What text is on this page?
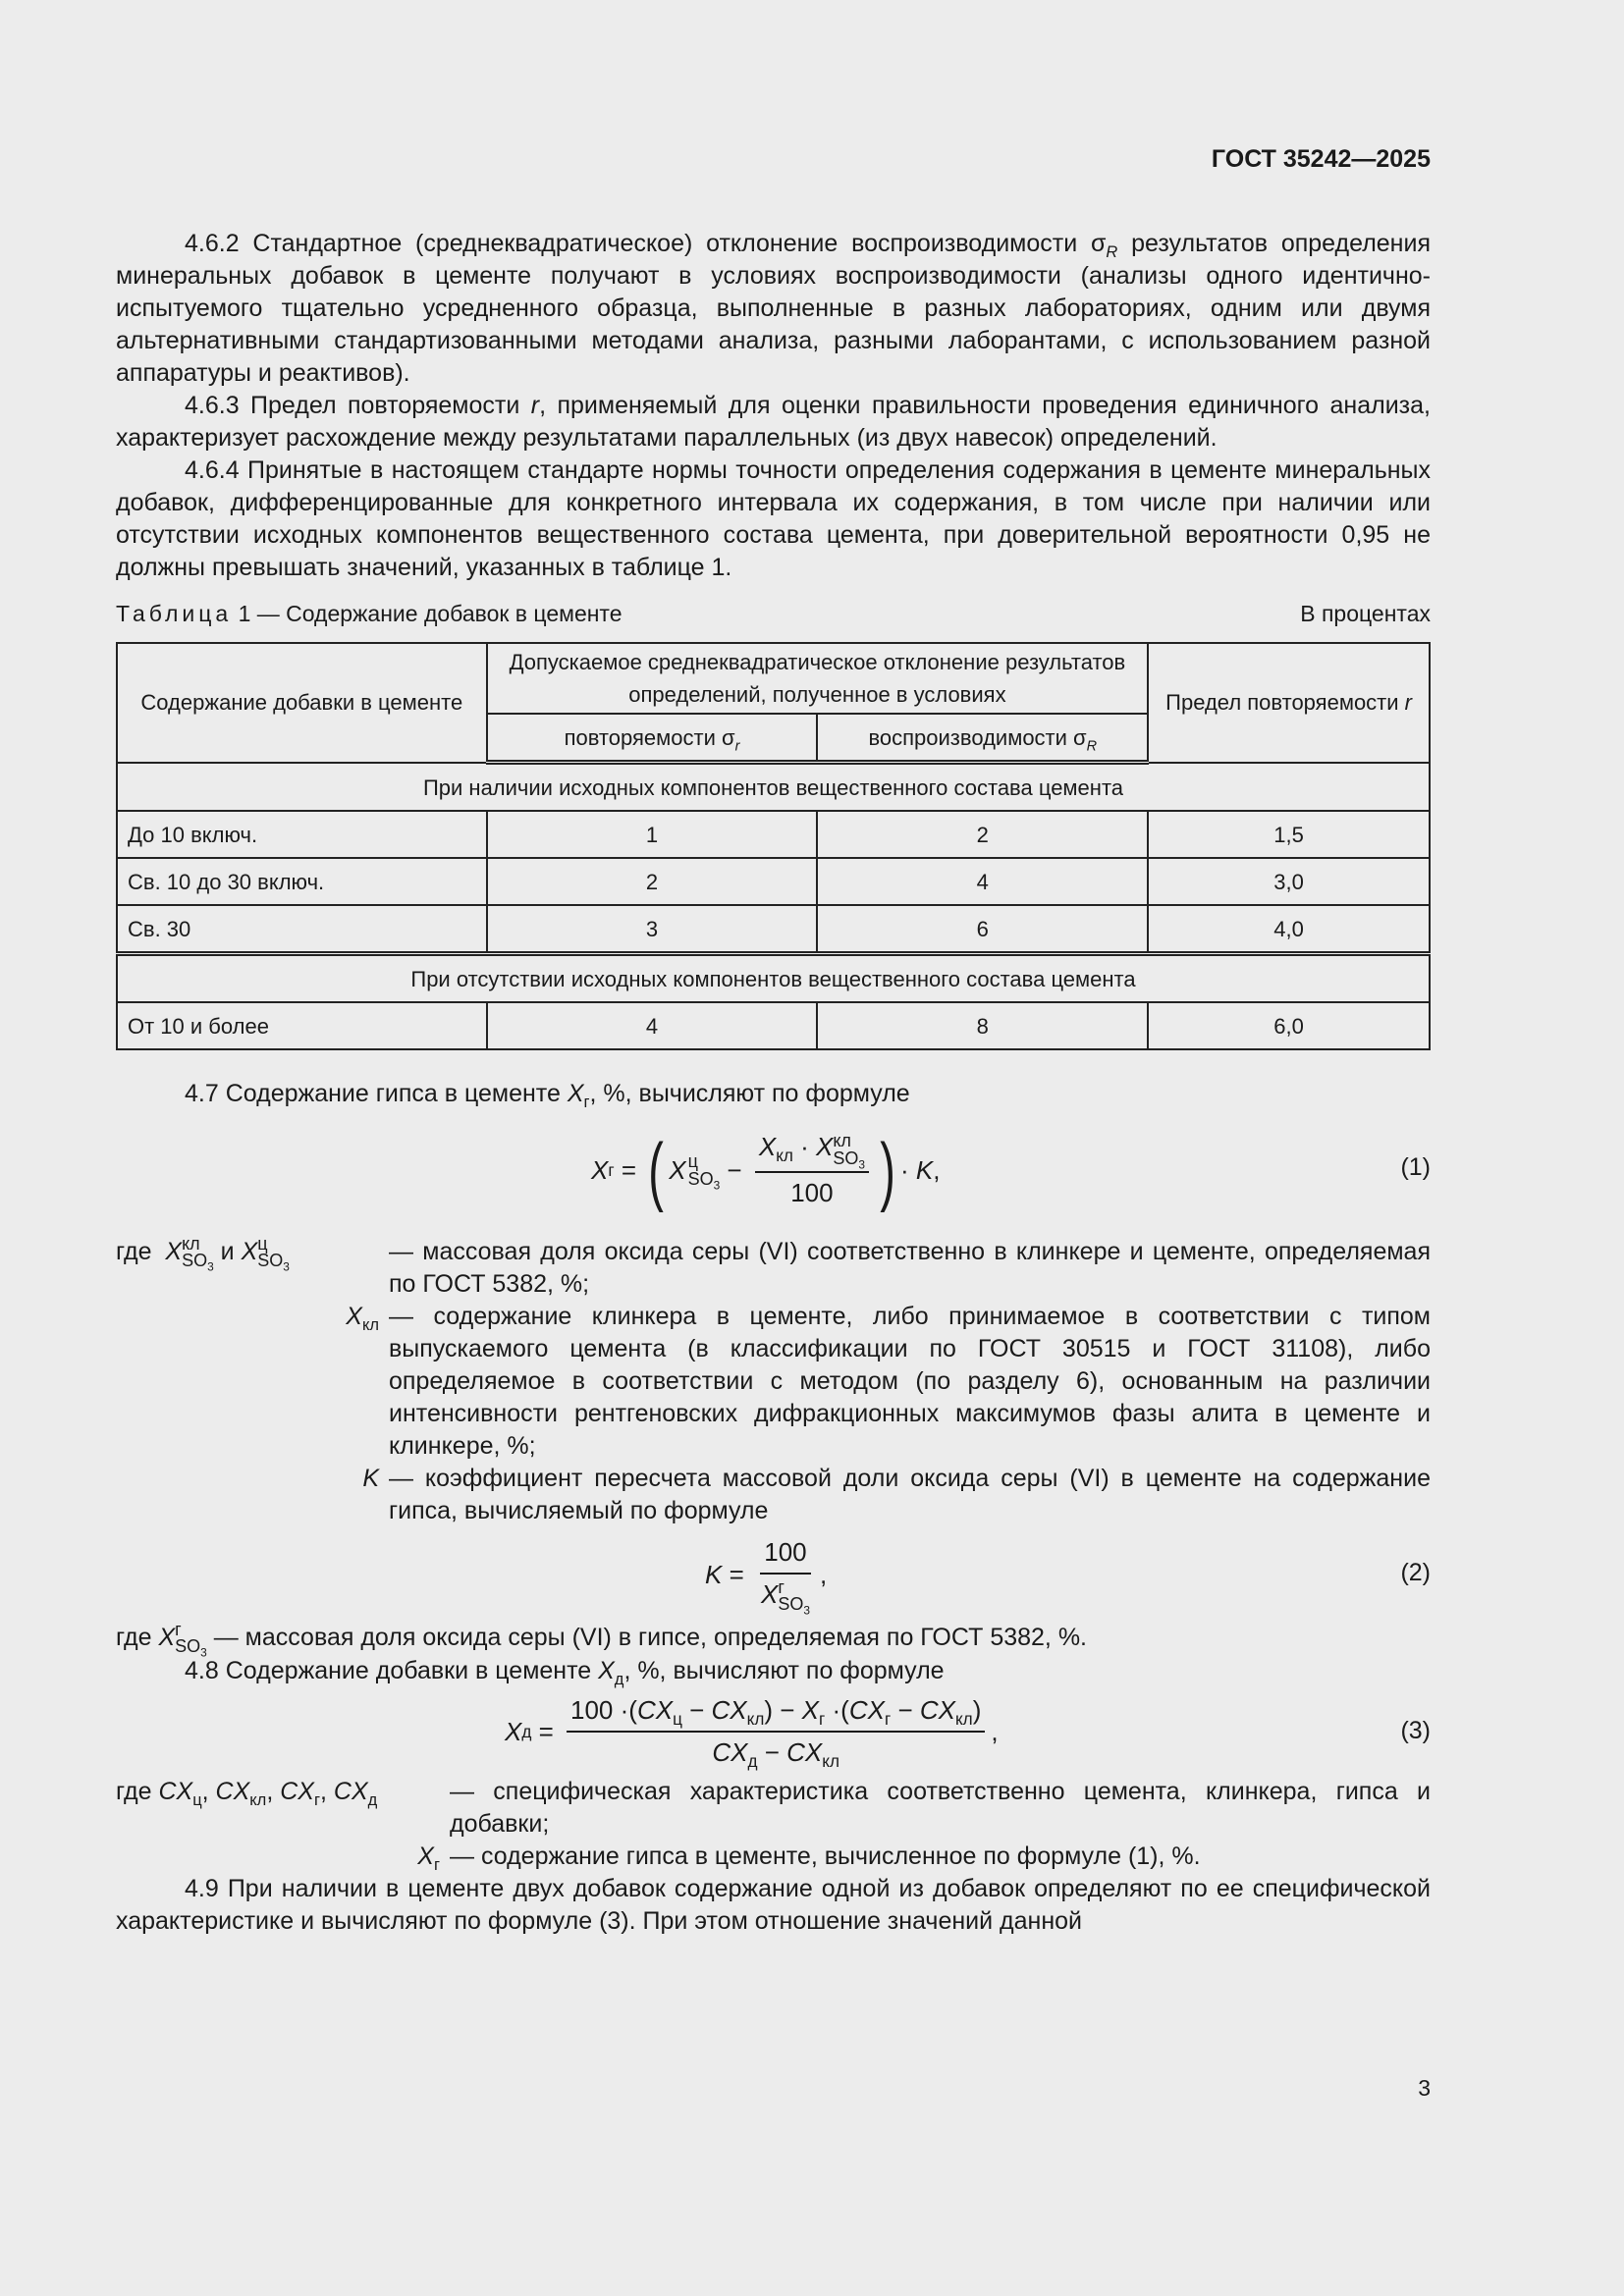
ГОСТ 35242—2025

4.6.2 Стандартное (среднеквадратическое) отклонение воспроизводимости $\sigma_R$ результатов определения минеральных добавок в цементе получают в условиях воспроизводимости (анализы одного идентично-испытуемого тщательно усредненного образца, выполненные в разных лабораториях, одним или двумя альтернативными стандартизованными методами анализа, разными лаборантами, с использованием разной аппаратуры и реактивов).

4.6.3 Предел повторяемости r, применяемый для оценки правильности проведения единичного анализа, характеризует расхождение между результатами параллельных (из двух навесок) определений.

4.6.4 Принятые в настоящем стандарте нормы точности определения содержания в цементе минеральных добавок, дифференцированные для конкретного интервала их содержания, в том числе при наличии или отсутствии исходных компонентов вещественного состава цемента, при доверительной вероятности 0,95 не должны превышать значений, указанных в таблице 1.

Таблица 1 — Содержание добавок в цементе	В процентах
Содержание добавки в цементе	Допускаемое среднеквадратическое отклонение результатов определений, полученное в условиях		Предел повторяемости r
	повторяемости $\sigma_r$	воспроизводимости $\sigma_R$
При наличии исходных компонентов вещественного состава цемента			
До 10 включ.	1	2	1,5
Св. 10 до 30 включ.	2	4	3,0
Св. 30	3	6	4,0
При отсутствии исходных компонентов вещественного состава цемента			
От 10 и более	4	8	6,0

4.7 Содержание гипса в цементе $X_г$, %, вычисляют по формуле

X г = ( X ц
$SO_3$
− $X_{кл} \cdot X$ кл
$SO_3$
100 ) · K ,	(1)
где X кл
$SO_3$
и X ц
$SO_3$
— массовая доля оксида серы (VI) соответственно в клинкере и цементе, определяемая по ГОСТ 5382, %;
$X_{кл}$ — содержание клинкера в цементе, либо принимаемое в соответствии с типом выпускаемого цемента (в классификации по ГОСТ 30515 и ГОСТ 31108), либо определяемое в соответствии с методом (по разделу 6), основанным на различии интенсивности рентгеновских дифракционных максимумов фазы алита в цементе и клинкере, %;
K — коэффициент пересчета массовой доли оксида серы (VI) в цементе на содержание гипса, вычисляемый по формуле
K = 100
X г
$SO_3$ ,	(2)

где X г
$SO_3$
— массовая доля оксида серы (VI) в гипсе, определяемая по ГОСТ 5382, %.

4.8 Содержание добавки в цементе $X_д$, %, вычисляют по формуле

X $д = \frac{100 \cdot(CX_ц - CX_{кл}) - X_г \cdot(CX_г - CX_{кл})}{CX_д - CX_{кл}}$ ,	(3)
где $CX_ц$, $CX_{кл}$, $CX_г$, $CX_д$	— специфическая характеристика соответственно цемента, клинкера, гипса и добавки;
$X_г$ — содержание гипса в цементе, вычисленное по формуле (1), %.

4.9 При наличии в цементе двух добавок содержание одной из добавок определяют по ее специфической характеристике и вычисляют по формуле (3). При этом отношение значений данной

3
